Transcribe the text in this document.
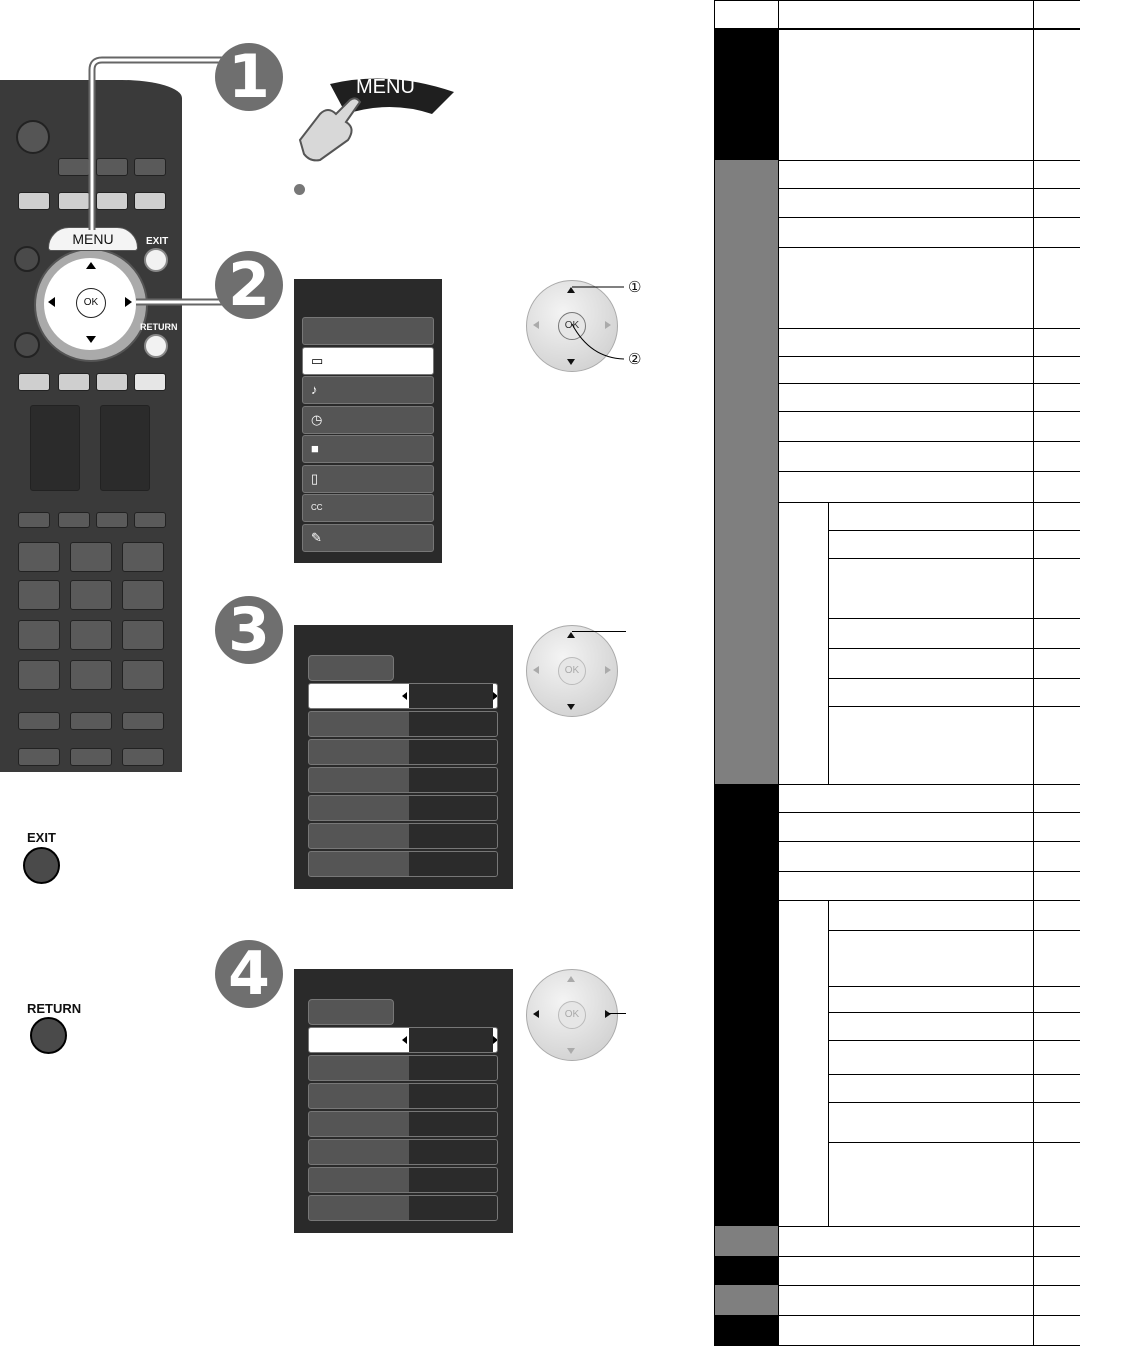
OK
MENU	EXIT
RETURN
1
2
3
4
MENU
▭
♪
◷
■
▯
CC
✎
OK
①
②
OK
OK
EXIT
RETURN
